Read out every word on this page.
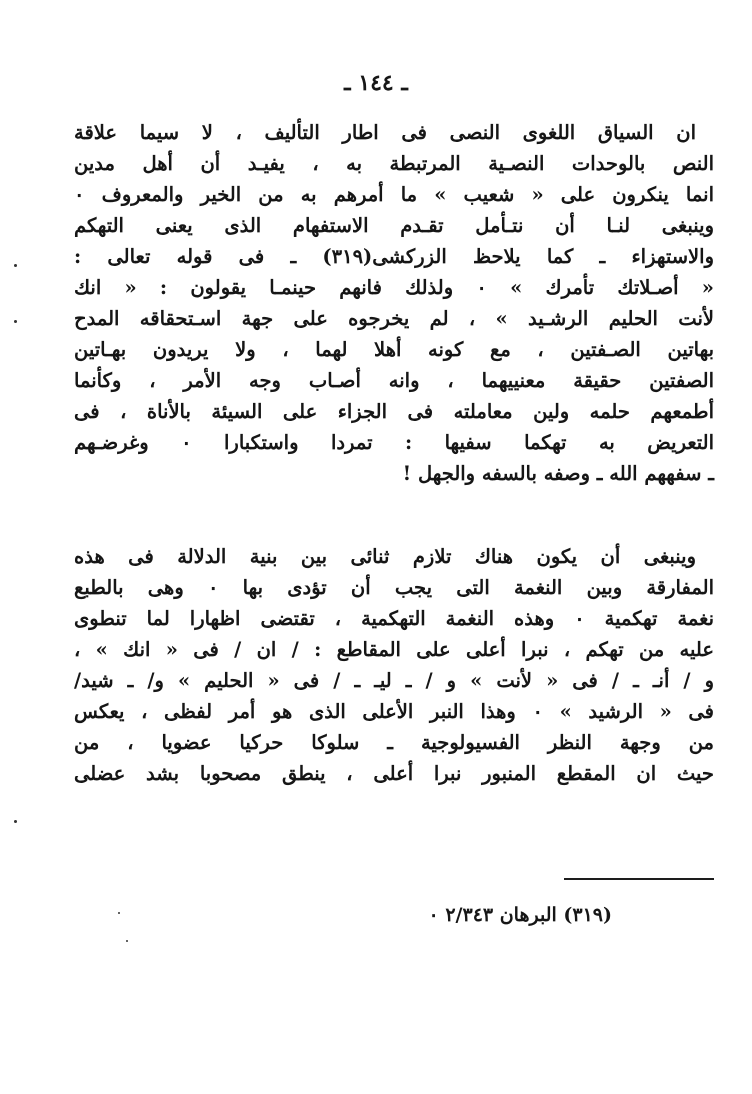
ـ ١٤٤ ـ
ان السياق اللغوى النصى فى اطار التأليف ، لا سيما علاقة
النص بالوحدات النصـية المرتبطة به ، يفيـد أن أهل مدين
انما ينكرون على « شعيب » ما أمرهم به من الخير والمعروف ٠
وينبغى لنـا أن نتـأمل تقـدم الاستفهام الذى يعنى التهكم
والاستهزاء ـ كما يلاحظ الزركشى(٣١٩) ـ فى قوله تعالى :
« أصـلاتك تأمرك » ٠ ولذلك فانهم حينمـا يقولون : « انك
لأنت الحليم الرشـيد » ، لم يخرجوه على جهة اسـتحقاقه المدح
بهاتين الصـفتين ، مع كونه أهلا لهما ، ولا يريدون بهـاتين
الصفتين حقيقة معنييهما ، وانه أصـاب وجه الأمر ، وكأنما
أطمعهم حلمه ولين معاملته فى الجزاء على السيئة بالأناة ، فى
التعريض به تهكما سفيها : تمردا واستكبارا ٠ وغرضـهم
ـ سفههم الله ـ وصفه بالسفه والجهل !
وينبغى أن يكون هناك تلازم ثنائى بين بنية الدلالة فى هذه
المفارقة وبين النغمة التى يجب أن تؤدى بها ٠ وهى بالطبع
نغمة تهكمية ٠ وهذه النغمة التهكمية ، تقتضى اظهارا لما تنطوى
عليه من تهكم ، نبرا أعلى على المقاطع : / ان / فى « انك » ،
و / أنـ ـ / فى « لأنت » و / ـ ليـ ـ / فى « الحليم » و/ ـ شيد/
فى « الرشيد » ٠ وهذا النبر الأعلى الذى هو أمر لفظى ، يعكس
من وجهة النظر الفسيولوجية ـ سلوكا حركيا عضويا ، من
حيث ان المقطع المنبور نبرا أعلى ، ينطق مصحوبا بشد عضلى
(٣١٩) البرهان ٢/٣٤٣ ٠
